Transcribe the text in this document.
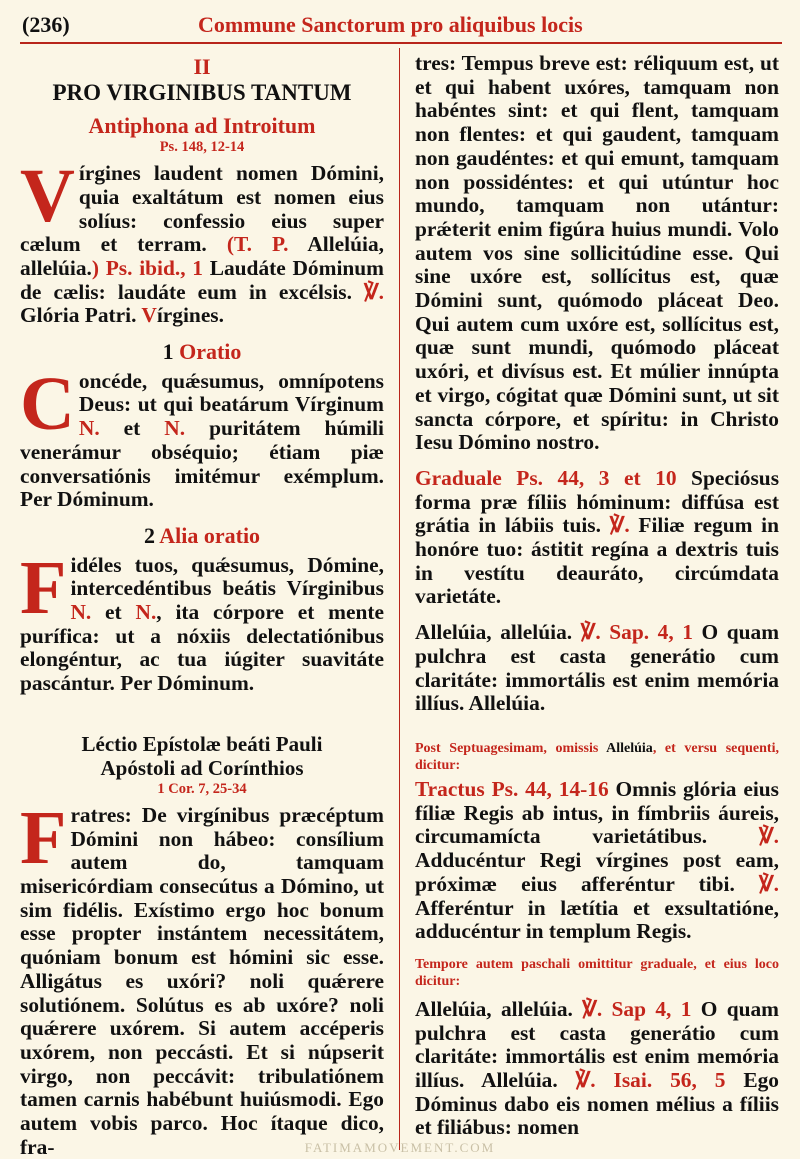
(236)	Commune Sanctorum pro aliquibus locis

II

PRO VIRGINIBUS TANTUM

Antiphona ad Introitum

Ps. 148, 12-14

Vírgines laudent nomen Dómini, quia exaltátum est nomen eius solíus: confessio eius super cælum et terram. (T. P. Allelúia, allelúia.) Ps. ibid., 1 Laudáte Dóminum de cælis: laudáte eum in excélsis. ℣. Glória Patri. Vírgines.

1 Oratio

Concéde, quǽsumus, omnípotens Deus: ut qui beatárum Vírginum N. et N. puritátem húmili venerámur obséquio; étiam piæ conversatiónis imitémur exémplum. Per Dóminum.

2 Alia oratio

Fidéles tuos, quǽsumus, Dómine, intercedéntibus beátis Vírginibus N. et N., ita córpore et mente purífica: ut a nóxiis delectatiónibus elongéntur, ac tua iúgiter suavitáte pascántur. Per Dóminum.

Léctio Epístolæ beáti Pauli
Apóstoli ad Corínthios

1 Cor. 7, 25-34

Fratres: De virgínibus præcéptum Dómini non hábeo: consílium autem do, tamquam misericórdiam consecútus a Dómino, ut sim fidélis. Exístimo ergo hoc bonum esse propter instántem necessitátem, quóniam bonum est hómini sic esse. Alligátus es uxóri? noli quǽrere solutiónem. Solútus es ab uxóre? noli quǽrere uxórem. Si autem accéperis uxórem, non peccásti. Et si núpserit virgo, non peccávit: tribulatiónem tamen carnis habébunt huiúsmodi. Ego autem vobis parco. Hoc ítaque dico, fra-

tres: Tempus breve est: réliquum est, ut et qui habent uxóres, tamquam non habéntes sint: et qui flent, tamquam non flentes: et qui gaudent, tamquam non gaudéntes: et qui emunt, tamquam non possidéntes: et qui utúntur hoc mundo, tamquam non utántur: prǽterit enim figúra huius mundi. Volo autem vos sine sollicitúdine esse. Qui sine uxóre est, sollícitus est, quæ Dómini sunt, quómodo pláceat Deo. Qui autem cum uxóre est, sollícitus est, quæ sunt mundi, quómodo pláceat uxóri, et divísus est. Et múlier innúpta et virgo, cógitat quæ Dómini sunt, ut sit sancta córpore, et spíritu: in Christo Iesu Dómino nostro.

Graduale Ps. 44, 3 et 10 Speciósus forma præ fíliis hóminum: diffúsa est grátia in lábiis tuis. ℣. Filiæ regum in honóre tuo: ástitit regína a dextris tuis in vestítu deauráto, circúmdata varietáte.

Allelúia, allelúia. ℣. Sap. 4, 1 O quam pulchra est casta generátio cum claritáte: immortális est enim memória illíus. Allelúia.

Post Septuagesimam, omissis Allelúia, et versu sequenti, dicitur:

Tractus Ps. 44, 14-16 Omnis glória eius fíliæ Regis ab intus, in fímbriis áureis, circumamícta varietátibus. ℣. Adducéntur Regi vírgines post eam, próximæ eius afferéntur tibi. ℣. Afferéntur in lætítia et exsultatióne, adducéntur in templum Regis.

Tempore autem paschali omittitur graduale, et eius loco dicitur:

Allelúia, allelúia. ℣. Sap 4, 1 O quam pulchra est casta generátio cum claritáte: immortális est enim memória illíus. Allelúia. ℣. Isai. 56, 5 Ego Dóminus dabo eis nomen mélius a fíliis et filiábus: nomen

FATIMAMOVEMENT.COM
